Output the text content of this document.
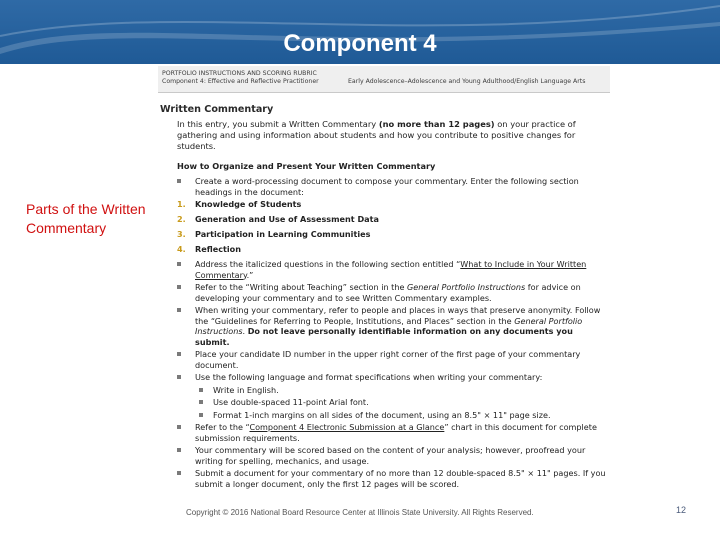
Component 4
Parts of the Written Commentary
PORTFOLIO INSTRUCTIONS AND SCORING RUBRIC
Component 4: Effective and Reflective Practitioner	Early Adolescence–Adolescence and Young Adulthood/English Language Arts
Written Commentary
In this entry, you submit a Written Commentary (no more than 12 pages) on your practice of gathering and using information about students and how you contribute to positive changes for students.
How to Organize and Present Your Written Commentary
Create a word-processing document to compose your commentary. Enter the following section headings in the document:
1. Knowledge of Students
2. Generation and Use of Assessment Data
3. Participation in Learning Communities
4. Reflection
Address the italicized questions in the following section entitled “What to Include in Your Written Commentary.”
Refer to the “Writing about Teaching” section in the General Portfolio Instructions for advice on developing your commentary and to see Written Commentary examples.
When writing your commentary, refer to people and places in ways that preserve anonymity. Follow the “Guidelines for Referring to People, Institutions, and Places” section in the General Portfolio Instructions. Do not leave personally identifiable information on any documents you submit.
Place your candidate ID number in the upper right corner of the first page of your commentary document.
Use the following language and format specifications when writing your commentary:
Write in English.
Use double-spaced 11-point Arial font.
Format 1-inch margins on all sides of the document, using an 8.5" × 11" page size.
Refer to the “Component 4 Electronic Submission at a Glance” chart in this document for complete submission requirements.
Your commentary will be scored based on the content of your analysis; however, proofread your writing for spelling, mechanics, and usage.
Submit a document for your commentary of no more than 12 double-spaced 8.5" × 11" pages. If you submit a longer document, only the first 12 pages will be scored.
Copyright © 2016 National Board Resource Center at Illinois State University. All Rights Reserved.	12
